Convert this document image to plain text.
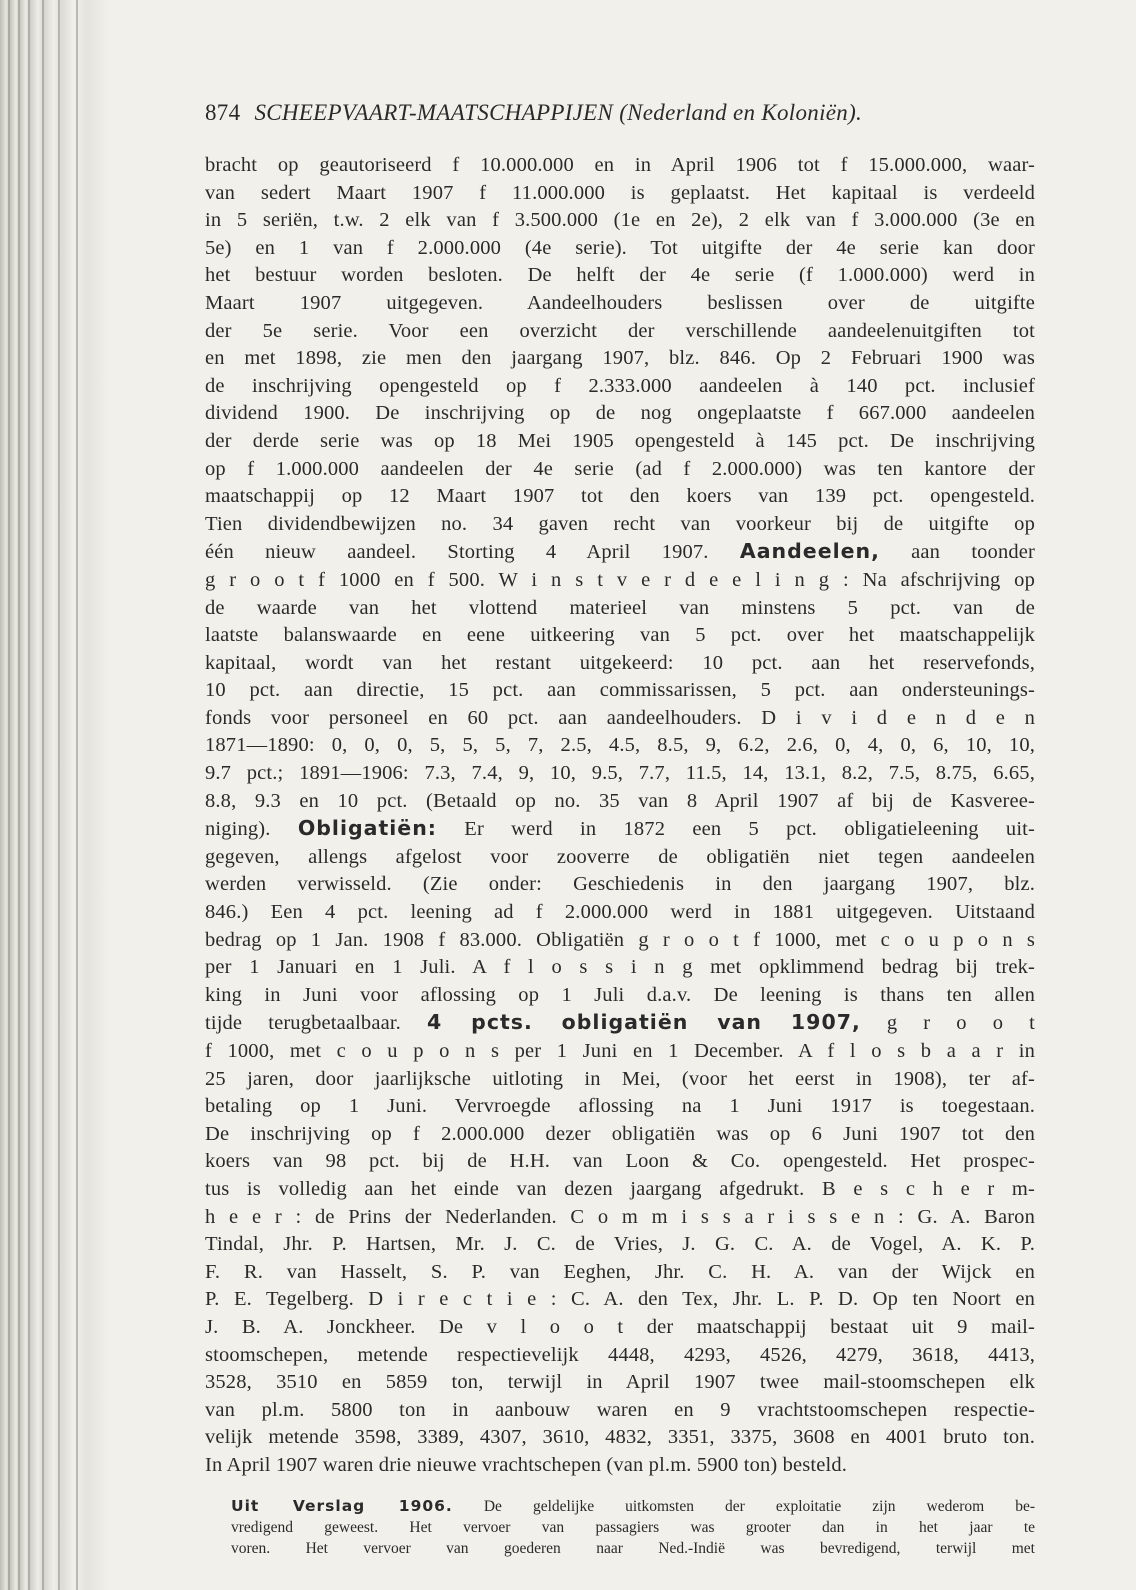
874 SCHEEPVAART-MAATSCHAPPIJEN (Nederland en Koloniën).
bracht op geautoriseerd f 10.000.000 en in April 1906 tot f 15.000.000, waar-
van sedert Maart 1907 f 11.000.000 is geplaatst. Het kapitaal is verdeeld
in 5 seriën, t.w. 2 elk van f 3.500.000 (1e en 2e), 2 elk van f 3.000.000 (3e en
5e) en 1 van f 2.000.000 (4e serie). Tot uitgifte der 4e serie kan door
het bestuur worden besloten. De helft der 4e serie (f 1.000.000) werd in
Maart 1907 uitgegeven. Aandeelhouders beslissen over de uitgifte
der 5e serie. Voor een overzicht der verschillende aandeelenuitgiften tot
en met 1898, zie men den jaargang 1907, blz. 846. Op 2 Februari 1900 was
de inschrijving opengesteld op f 2.333.000 aandeelen à 140 pct. inclusief
dividend 1900. De inschrijving op de nog ongeplaatste f 667.000 aandeelen
der derde serie was op 18 Mei 1905 opengesteld à 145 pct. De inschrijving
op f 1.000.000 aandeelen der 4e serie (ad f 2.000.000) was ten kantore der
maatschappij op 12 Maart 1907 tot den koers van 139 pct. opengesteld.
Tien dividendbewijzen no. 34 gaven recht van voorkeur bij de uitgifte op
één nieuw aandeel. Storting 4 April 1907. Aandeelen, aan toonder
g r o o t f 1000 en f 500. W i n s t v e r d e e l i n g : Na afschrijving op
de waarde van het vlottend materieel van minstens 5 pct. van de
laatste balanswaarde en eene uitkeering van 5 pct. over het maatschappelijk
kapitaal, wordt van het restant uitgekeerd: 10 pct. aan het reservefonds,
10 pct. aan directie, 15 pct. aan commissarissen, 5 pct. aan ondersteunings-
fonds voor personeel en 60 pct. aan aandeelhouders. D i v i d e n d e n
1871—1890: 0, 0, 0, 5, 5, 5, 7, 2.5, 4.5, 8.5, 9, 6.2, 2.6, 0, 4, 0, 6, 10, 10,
9.7 pct.; 1891—1906: 7.3, 7.4, 9, 10, 9.5, 7.7, 11.5, 14, 13.1, 8.2, 7.5, 8.75, 6.65,
8.8, 9.3 en 10 pct. (Betaald op no. 35 van 8 April 1907 af bij de Kasveree-
niging). Obligatiën: Er werd in 1872 een 5 pct. obligatieleening uit-
gegeven, allengs afgelost voor zooverre de obligatiën niet tegen aandeelen
werden verwisseld. (Zie onder: Geschiedenis in den jaargang 1907, blz.
846.) Een 4 pct. leening ad f 2.000.000 werd in 1881 uitgegeven. Uitstaand
bedrag op 1 Jan. 1908 f 83.000. Obligatiën g r o o t f 1000, met c o u p o n s
per 1 Januari en 1 Juli. A f l o s s i n g met opklimmend bedrag bij trek-
king in Juni voor aflossing op 1 Juli d.a.v. De leening is thans ten allen
tijde terugbetaalbaar. 4 pcts. obligatiën van 1907, g r o o t
f 1000, met c o u p o n s per 1 Juni en 1 December. A f l o s b a a r in
25 jaren, door jaarlijksche uitloting in Mei, (voor het eerst in 1908), ter af-
betaling op 1 Juni. Vervroegde aflossing na 1 Juni 1917 is toegestaan.
De inschrijving op f 2.000.000 dezer obligatiën was op 6 Juni 1907 tot den
koers van 98 pct. bij de H.H. van Loon & Co. opengesteld. Het prospec-
tus is volledig aan het einde van dezen jaargang afgedrukt. B e s c h e r m-
h e e r : de Prins der Nederlanden. C o m m i s s a r i s s e n : G. A. Baron
Tindal, Jhr. P. Hartsen, Mr. J. C. de Vries, J. G. C. A. de Vogel, A. K. P.
F. R. van Hasselt, S. P. van Eeghen, Jhr. C. H. A. van der Wijck en
P. E. Tegelberg. D i r e c t i e : C. A. den Tex, Jhr. L. P. D. Op ten Noort en
J. B. A. Jonckheer. De v l o o t der maatschappij bestaat uit 9 mail-
stoomschepen, metende respectievelijk 4448, 4293, 4526, 4279, 3618, 4413,
3528, 3510 en 5859 ton, terwijl in April 1907 twee mail-stoomschepen elk
van pl.m. 5800 ton in aanbouw waren en 9 vrachtstoomschepen respectie-
velijk metende 3598, 3389, 4307, 3610, 4832, 3351, 3375, 3608 en 4001 bruto ton.
In April 1907 waren drie nieuwe vrachtschepen (van pl.m. 5900 ton) besteld.
Uit Verslag 1906. De geldelijke uitkomsten der exploitatie zijn wederom be-
vredigend geweest. Het vervoer van passagiers was grooter dan in het jaar te
voren. Het vervoer van goederen naar Ned.-Indië was bevredigend, terwijl met
